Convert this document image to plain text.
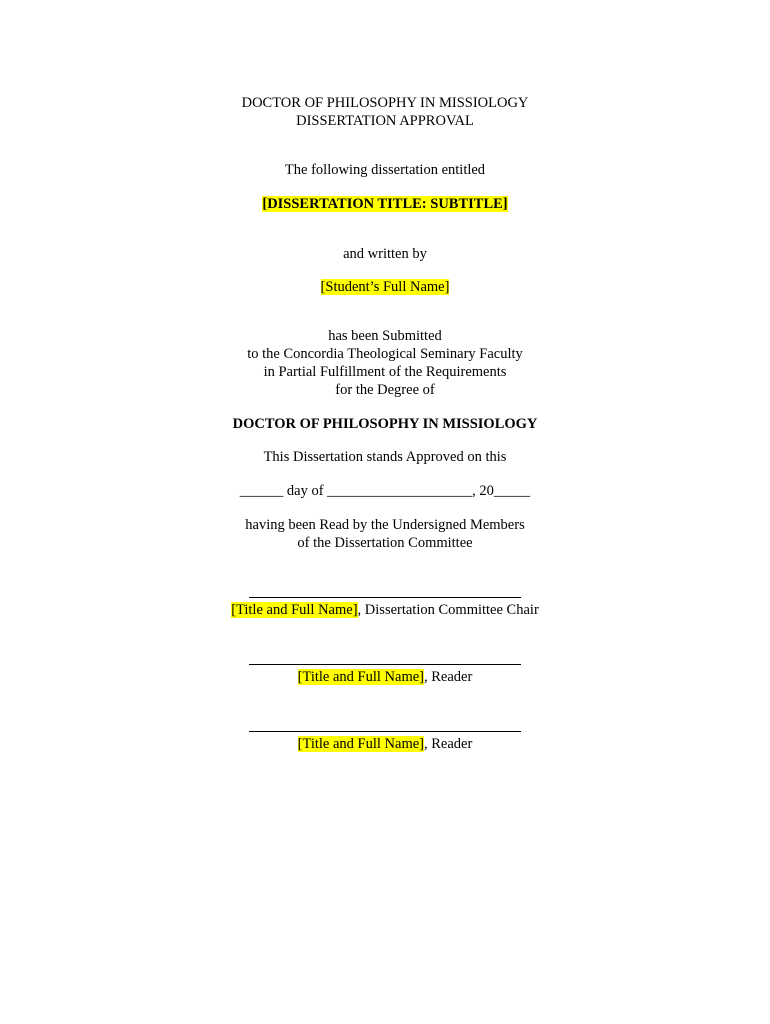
DOCTOR OF PHILOSOPHY IN MISSIOLOGY
DISSERTATION APPROVAL
The following dissertation entitled
[DISSERTATION TITLE: SUBTITLE]
and written by
[Student’s Full Name]
has been Submitted
to the Concordia Theological Seminary Faculty
in Partial Fulfillment of the Requirements
for the Degree of
DOCTOR OF PHILOSOPHY IN MISSIOLOGY
This Dissertation stands Approved on this
______ day of ____________________, 20_____
having been Read by the Undersigned Members
of the Dissertation Committee
[Title and Full Name], Dissertation Committee Chair
[Title and Full Name], Reader
[Title and Full Name], Reader
